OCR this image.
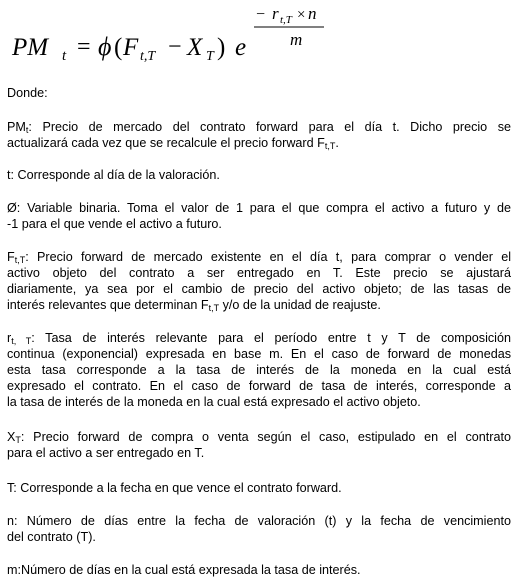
PM t = ϕ ( F t,T − X T ) e
− r t,T × n
m
Donde:
$PM_t$: Precio de mercado del contrato forward para el día t. Dicho precio se
actualizará cada vez que se recalcule el precio forward $F_{t,T}$.
t: Corresponde al día de la valoración.
Ø: Variable binaria. Toma el valor de 1 para el que compra el activo a futuro y de
-1 para el que vende el activo a futuro.
$F_{t,T}$: Precio forward de mercado existente en el día t, para comprar o vender el
activo objeto del contrato a ser entregado en T. Este precio se ajustará
diariamente, ya sea por el cambio de precio del activo objeto; de las tasas de
interés relevantes que determinan $F_{t,T}$ y/o de la unidad de reajuste.
$r_{t, T}$: Tasa de interés relevante para el período entre t y T de composición
continua (exponencial) expresada en base m. En el caso de forward de monedas
esta tasa corresponde a la tasa de interés de la moneda en la cual está
expresado el contrato. En el caso de forward de tasa de interés, corresponde a
la tasa de interés de la moneda en la cual está expresado el activo objeto.
$X_T$: Precio forward de compra o venta según el caso, estipulado en el contrato
para el activo a ser entregado en T.
T: Corresponde a la fecha en que vence el contrato forward.
n: Número de días entre la fecha de valoración (t) y la fecha de vencimiento
del contrato (T).
m:Número de días en la cual está expresada la tasa de interés.
